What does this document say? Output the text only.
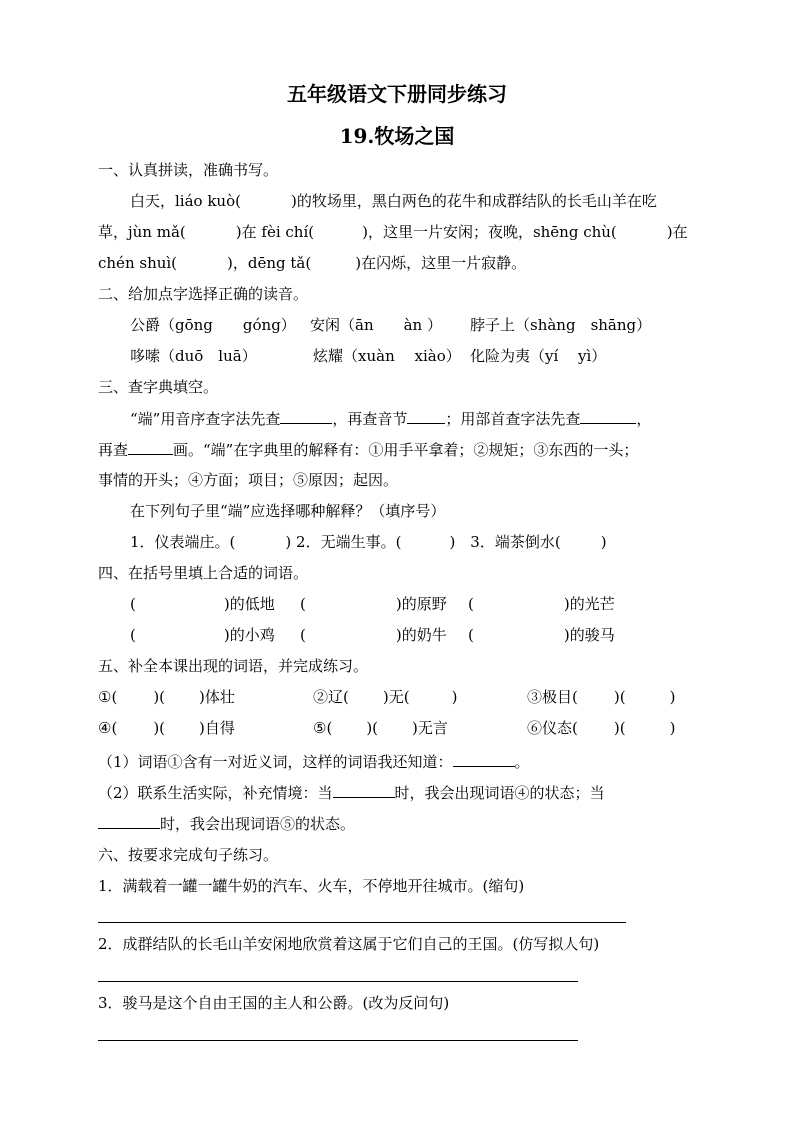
五年级语文下册同步练习
19.牧场之国
一、认真拼读，准确书写。
白天，liáo kuò(	)的牧场里，黑白两色的花牛和成群结队的长毛山羊在吃
草，jùn mǎ(	)在 fèi chí(	)，这里一片安闲；夜晚，shēng chù(	)在
chén shuì(	)，dēng tǎ(	)在闪烁，这里一片寂静。
二、给加点字选择正确的读音。
公爵（gōng　　góng） 安闲（ān　　àn ） 脖子上（shàng　shāng）
哆嗦（duō　luā）	炫耀（xuàn　 xiào） 化险为夷（yí　 yì）
三、查字典填空。
“端”用音序查字法先查	，再查音节	；用部首查字法先查	，
再查	画。“端”在字典里的解释有：①用手平拿着；②规矩；③东西的一头；
事情的开头；④方面；项目；⑤原因；起因。
在下列句子里“端”应选择哪种解释？（填序号）
1．仪表端庄。(	) 2．无端生事。(	)　3．端茶倒水(	)
四、在括号里填上合适的词语。
(	)的低地 (	)的原野 (	)的光芒
(	)的小鸡 (	)的奶牛 (	)的骏马
五、补全本课出现的词语，并完成练习。
①( )( )体壮	②辽( )无(	)	③极目( )(	)
④( )( )自得	⑤( )( )无言	⑥仪态( )(	)
（1）词语①含有一对近义词，这样的词语我还知道：	。
（2）联系生活实际，补充情境：当	时，我会出现词语④的状态；当
时，我会出现词语⑤的状态。
六、按要求完成句子练习。
1．满载着一罐一罐牛奶的汽车、火车，不停地开往城市。(缩句)
2．成群结队的长毛山羊安闲地欣赏着这属于它们自己的王国。(仿写拟人句)
3．骏马是这个自由王国的主人和公爵。(改为反问句)
